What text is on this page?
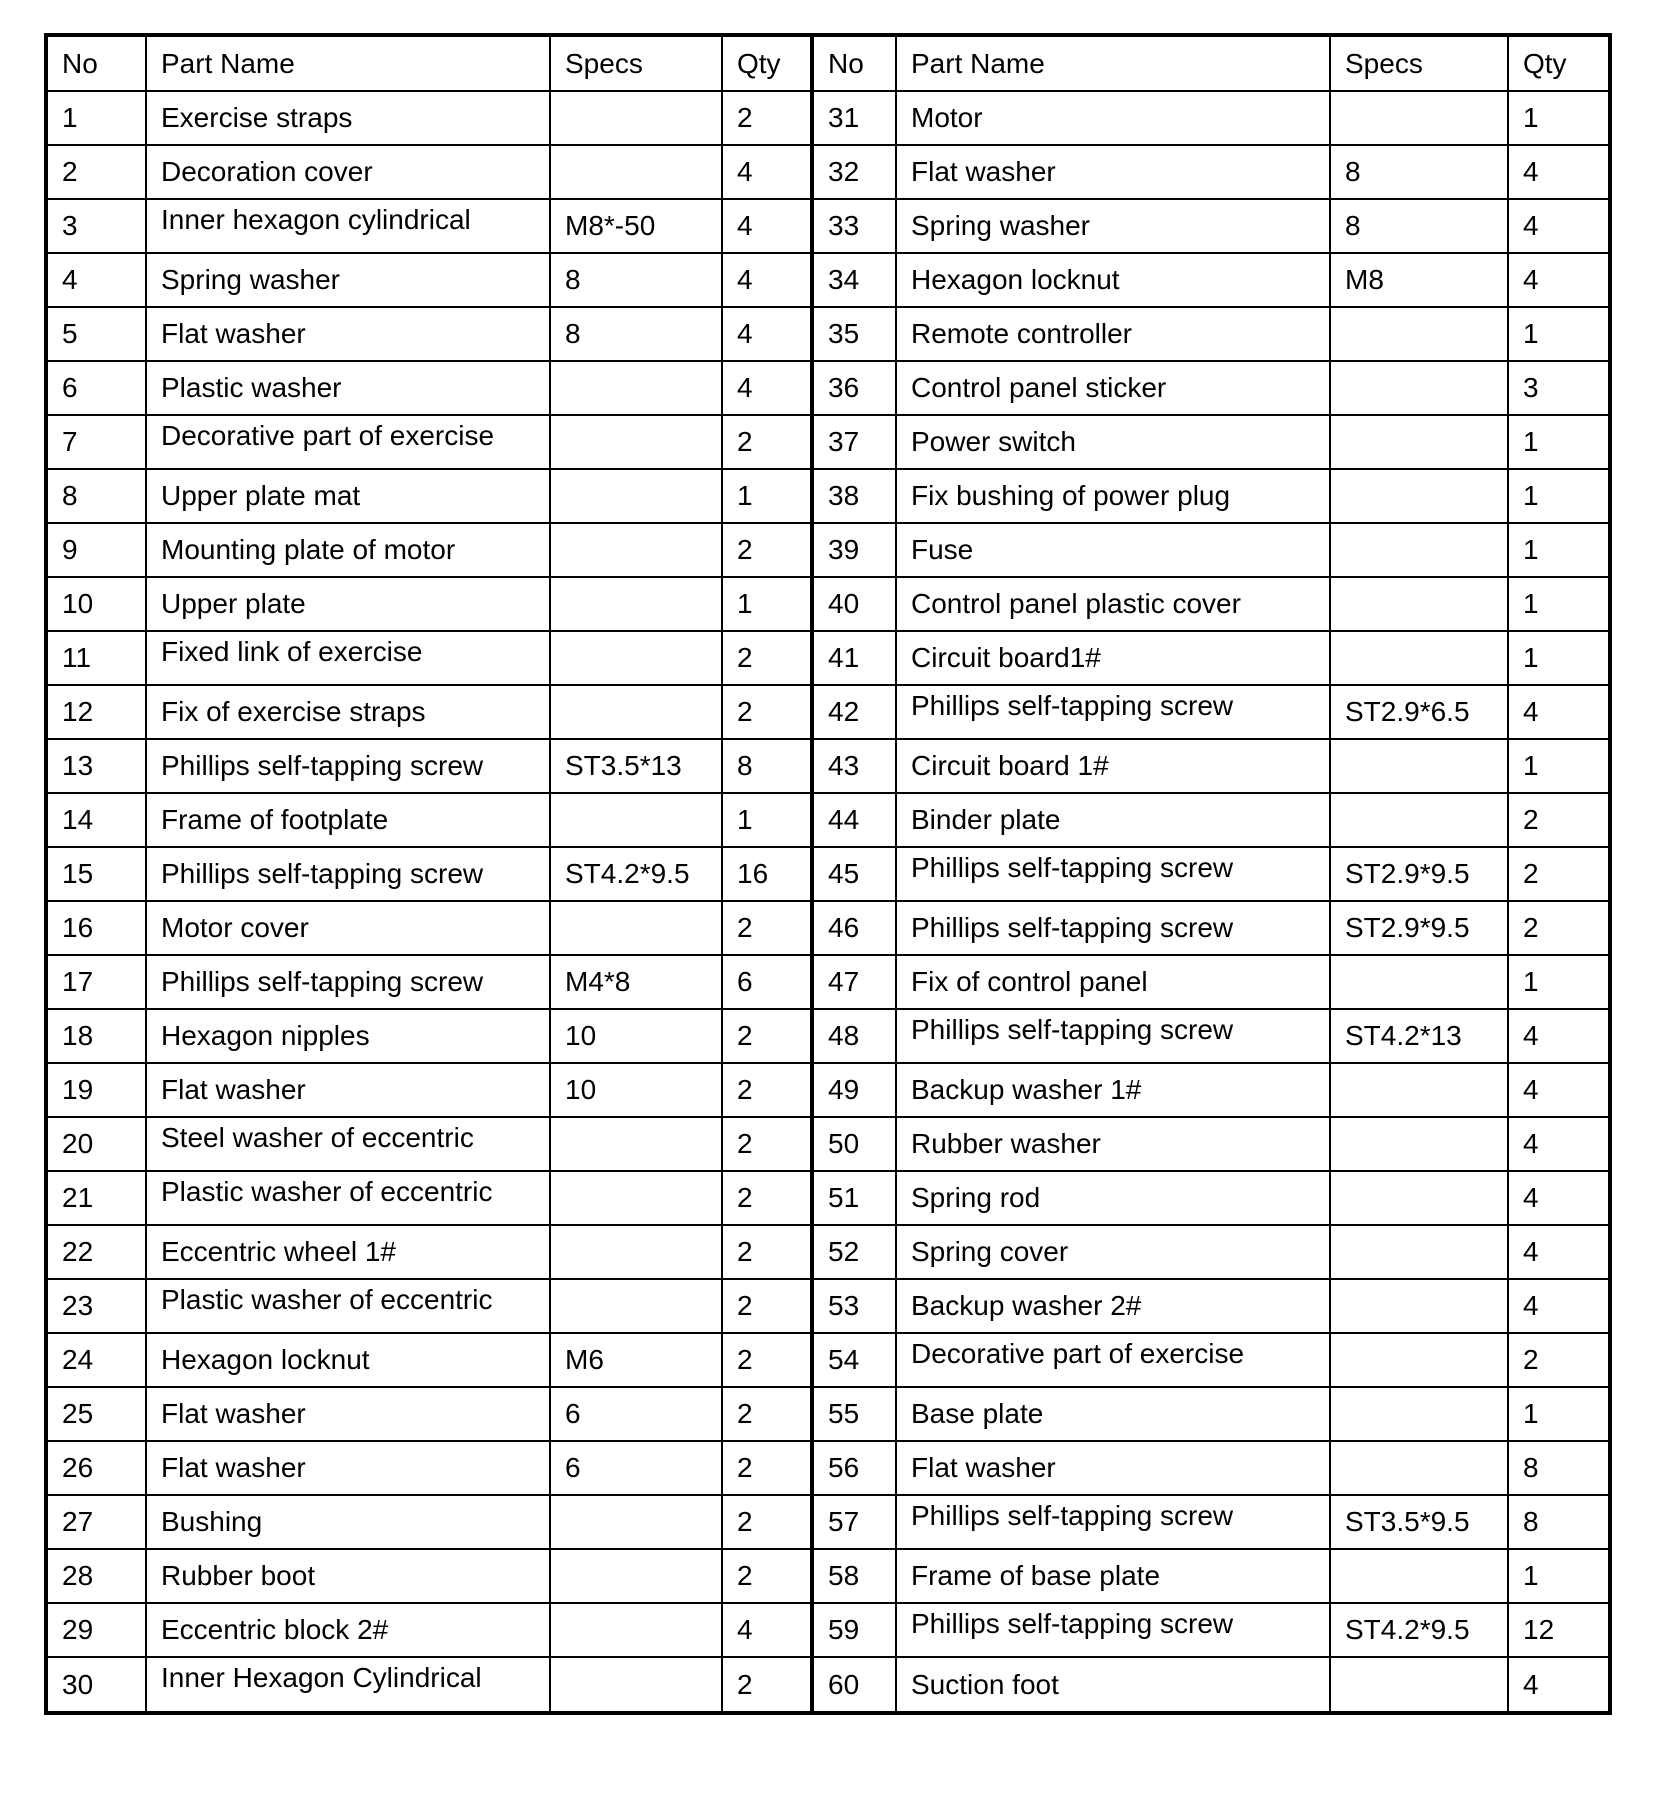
No	Part Name	Specs	Qty	No	Part Name	Specs	Qty
1	Exercise straps		2	31	Motor		1
2	Decoration cover		4	32	Flat washer	8	4
3	Inner hexagon cylindrical	M8*-50	4	33	Spring washer	8	4
4	Spring washer	8	4	34	Hexagon locknut	M8	4
5	Flat washer	8	4	35	Remote controller		1
6	Plastic washer		4	36	Control panel sticker		3
7	Decorative part of exercise		2	37	Power switch		1
8	Upper plate mat		1	38	Fix bushing of power plug		1
9	Mounting plate of motor		2	39	Fuse		1
10	Upper plate		1	40	Control panel plastic cover		1
11	Fixed link of exercise		2	41	Circuit board1#		1
12	Fix of exercise straps		2	42	Phillips self-tapping screw	ST2.9*6.5	4
13	Phillips self-tapping screw	ST3.5*13	8	43	Circuit board 1#		1
14	Frame of footplate		1	44	Binder plate		2
15	Phillips self-tapping screw	ST4.2*9.5	16	45	Phillips self-tapping screw	ST2.9*9.5	2
16	Motor cover		2	46	Phillips self-tapping screw	ST2.9*9.5	2
17	Phillips self-tapping screw	M4*8	6	47	Fix of control panel		1
18	Hexagon nipples	10	2	48	Phillips self-tapping screw	ST4.2*13	4
19	Flat washer	10	2	49	Backup washer 1#		4
20	Steel washer of eccentric		2	50	Rubber washer		4
21	Plastic washer of eccentric		2	51	Spring rod		4
22	Eccentric wheel 1#		2	52	Spring cover		4
23	Plastic washer of eccentric		2	53	Backup washer 2#		4
24	Hexagon locknut	M6	2	54	Decorative part of exercise		2
25	Flat washer	6	2	55	Base plate		1
26	Flat washer	6	2	56	Flat washer		8
27	Bushing		2	57	Phillips self-tapping screw	ST3.5*9.5	8
28	Rubber boot		2	58	Frame of base plate		1
29	Eccentric block 2#		4	59	Phillips self-tapping screw	ST4.2*9.5	12
30	Inner Hexagon Cylindrical		2	60	Suction foot		4
